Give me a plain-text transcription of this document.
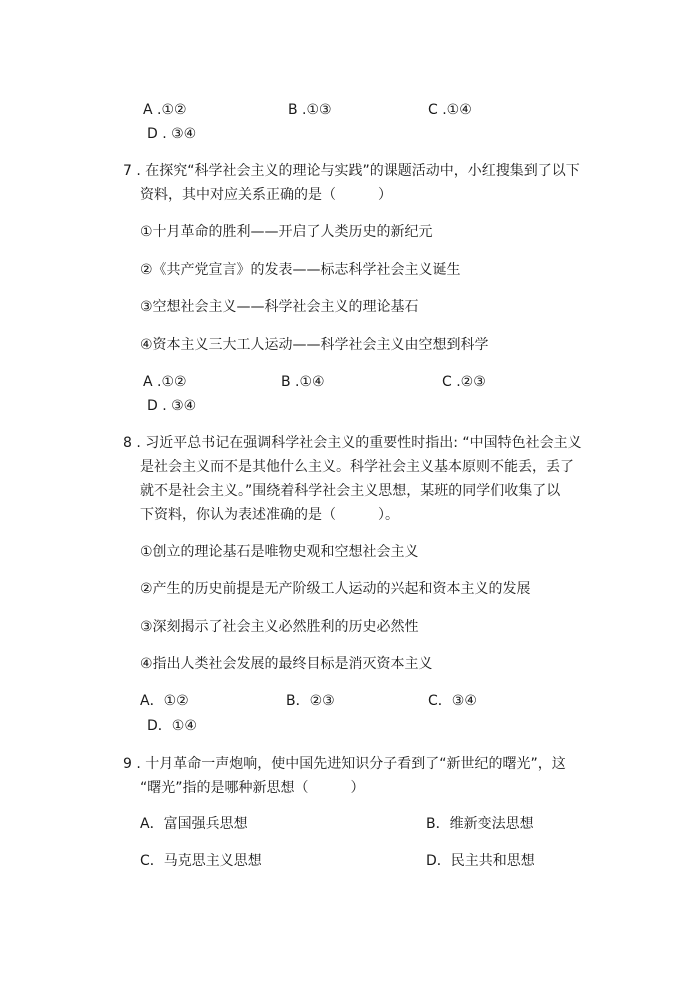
A .①②	B .①③	C .①④
D . ③④

7 . 在探究“科学社会主义的理论与实践”的课题活动中，小红搜集到了以下

资料，其中对应关系正确的是（　　　）

①十月革命的胜利——开启了人类历史的新纪元

②《共产党宣言》的发表——标志科学社会主义诞生

③空想社会主义——科学社会主义的理论基石

④资本主义三大工人运动——科学社会主义由空想到科学

A .①②	B .①④	C .②③
D . ③④

8 . 习近平总书记在强调科学社会主义的重要性时指出: “中国特色社会主义

是社会主义而不是其他什么主义。科学社会主义基本原则不能丢，丢了

就不是社会主义。”围绕着科学社会主义思想，某班的同学们收集了以

下资料，你认为表述准确的是（　　　）。

①创立的理论基石是唯物史观和空想社会主义

②产生的历史前提是无产阶级工人运动的兴起和资本主义的发展

③深刻揭示了社会主义必然胜利的历史必然性

④指出人类社会发展的最终目标是消灭资本主义

A．①②	B．②③	C．③④
D．①④

9 . 十月革命一声炮响，使中国先进知识分子看到了“新世纪的曙光”，这

“曙光”指的是哪种新思想（　　　）

A．富国强兵思想	B．维新变法思想
C．马克思主义思想	D．民主共和思想
